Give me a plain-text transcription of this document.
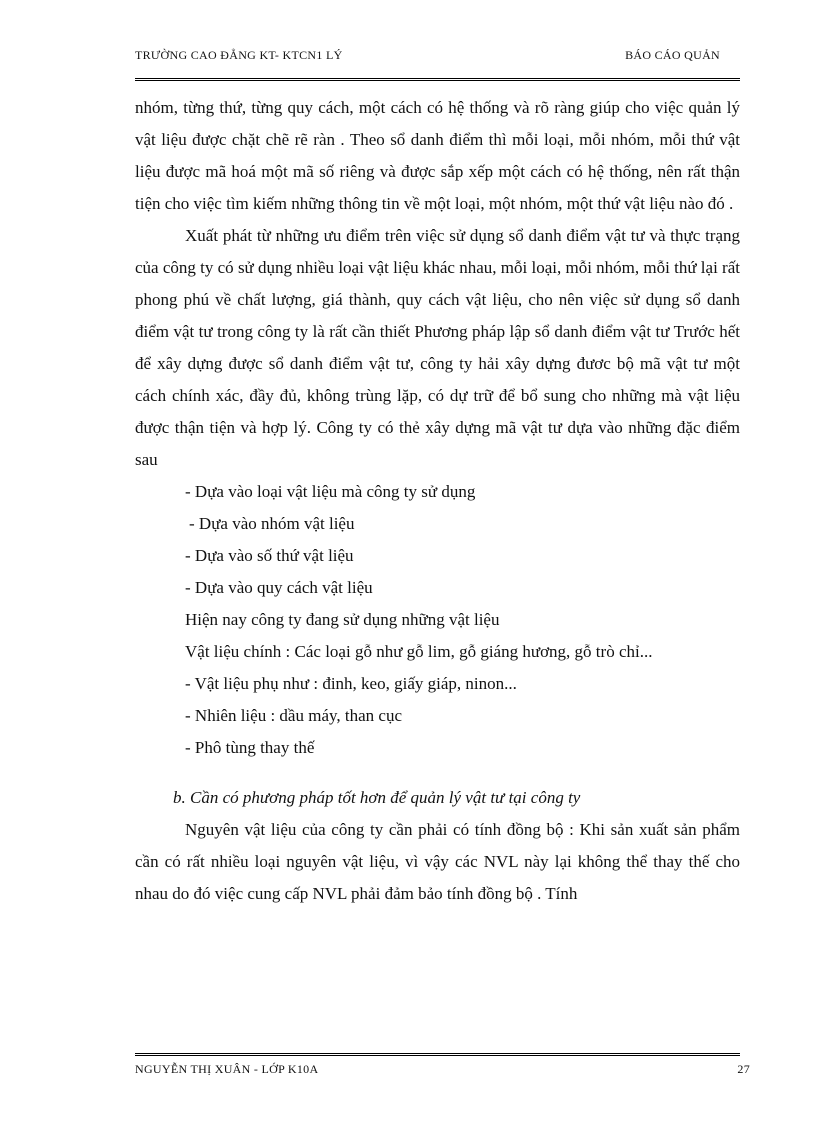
TRƯỜNG CAO ĐẲNG KT- KTCN1 LÝ	BÁO CÁO QUẢN

nhóm, từng thứ, từng quy cách, một cách có hệ thống và rõ ràng giúp cho việc quản lý vật liệu được chặt chẽ rẽ ràn . Theo sổ danh điểm thì mỗi loại, mỗi nhóm, mỗi thứ vật liệu được mã hoá một mã số riêng và được sắp xếp một cách có hệ thống, nên rất thận tiện cho việc tìm kiếm những thông tin về một loại, một nhóm, một thứ vật liệu nào đó .

Xuất phát từ những ưu điểm trên việc sử dụng sổ danh điểm vật tư và thực trạng của công ty có sử dụng nhiều loại vật liệu khác nhau, mỗi loại, mỗi nhóm, mỗi thứ lại rất phong phú về chất lượng, giá thành, quy cách vật liệu, cho nên việc sử dụng sổ danh điểm vật tư trong công ty là rất cần thiết Phương pháp lập sổ danh điểm vật tư Trước hết để xây dựng được sổ danh điểm vật tư, công ty hải xây dựng đươc bộ mã vật tư một cách chính xác, đầy đủ, không trùng lặp, có dự trữ để bổ sung cho những mà vật liệu được thận tiện và hợp lý. Công ty có thẻ xây dựng mã vật tư dựa vào những đặc điểm sau

- Dựa vào loại vật liệu mà công ty sử dụng

- Dựa vào nhóm vật liệu

- Dựa vào số thứ vật liệu

- Dựa vào quy cách vật liệu

Hiện nay công ty đang sử dụng những vật liệu

Vật liệu chính : Các loại gỗ như gỗ lim, gỗ giáng hương, gỗ trò chỉ...

- Vật liệu phụ như : đinh, keo, giấy giáp, ninon...

- Nhiên liệu : dầu máy, than cục

- Phô tùng thay thế

b. Cần có phương pháp tốt hơn để quản lý vật tư tại công ty

Nguyên vật liệu của công ty cần phải có tính đồng bộ : Khi sản xuất sản phẩm cần có rất nhiều loại nguyên vật liệu, vì vậy các NVL này lại không thể thay thế cho nhau do đó việc cung cấp NVL phải đảm bảo tính đồng bộ . Tính

NGUYỄN THỊ XUÂN - LỚP K10A	27
